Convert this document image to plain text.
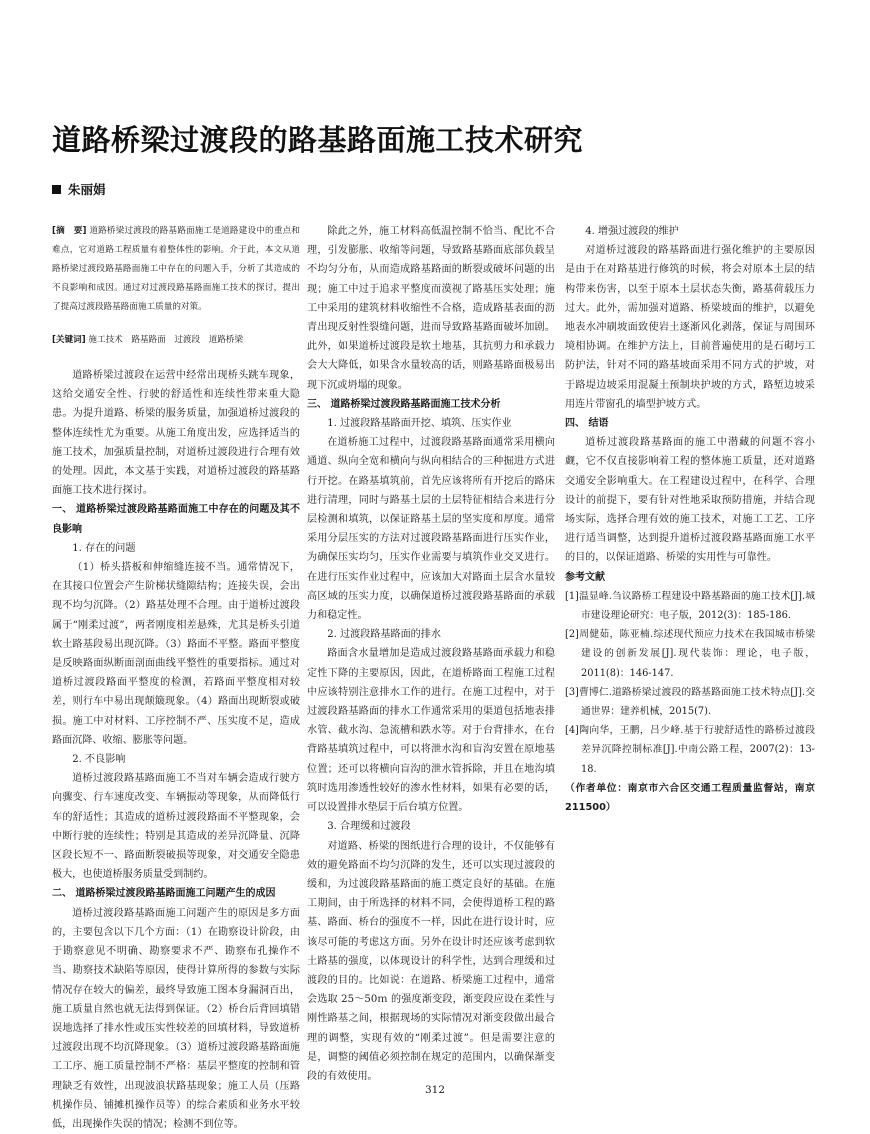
道路桥梁过渡段的路基路面施工技术研究
朱丽娟

[摘　要] 道路桥梁过渡段的路基路面施工是道路建设中的重点和难点，它对道路工程质量有着整体性的影响。介于此，本文从道路桥梁过渡段路基路面施工中存在的问题入手，分析了其造成的不良影响和成因。通过对过渡段路基路面施工技术的探讨，提出了提高过渡段路基路面施工质量的对策。

[关键词] 施工技术　路基路面　过渡段　道路桥梁

道路桥梁过渡段在运营中经常出现桥头跳车现象，这给交通安全性、行驶的舒适性和连续性带来重大隐患。为提升道路、桥梁的服务质量，加强道桥过渡段的整体连续性尤为重要。从施工角度出发，应选择适当的施工技术，加强质量控制，对道桥过渡段进行合理有效的处理。因此，本文基于实践，对道桥过渡段的路基路面施工技术进行探讨。

一、 道路桥梁过渡段路基路面施工中存在的问题及其不良影响

1. 存在的问题

（1）桥头搭板和伸缩缝连接不当。通常情况下，在其接口位置会产生阶梯状缝隙结构；连接失误，会出现不均匀沉降。（2）路基处理不合理。由于道桥过渡段属于“刚柔过渡”，两者刚度相差悬殊，尤其是桥头引道软土路基段易出现沉降。（3）路面不平整。路面平整度是反映路面纵断面剖面曲线平整性的重要指标。通过对道桥过渡段路面平整度的检测，若路面平整度相对较差，则行车中易出现颠簸现象。（4）路面出现断裂或破损。施工中对材料、工序控制不严、压实度不足，造成路面沉降、收缩、膨胀等问题。

2. 不良影响

道桥过渡段路基路面施工不当对车辆会造成行驶方向骤变、行车速度改变、车辆振动等现象，从而降低行车的舒适性；其造成的道桥过渡段路面不平整现象，会中断行驶的连续性；特别是其造成的差异沉降量、沉降区段长短不一、路面断裂破损等现象，对交通安全隐患极大，也使道桥服务质量受到制约。

二、 道路桥梁过渡段路基路面施工问题产生的成因

道桥过渡段路基路面施工问题产生的原因是多方面的，主要包含以下几个方面：（1）在勘察设计阶段，由于勘察意见不明确、勘察要求不严、勘察布孔操作不当、勘察技术缺陷等原因，使得计算所得的参数与实际情况存在较大的偏差，最终导致施工图本身漏洞百出，施工质量自然也就无法得到保证。（2）桥台后背回填错误地选择了排水性或压实性较差的回填材料，导致道桥过渡段出现不均沉降现象。（3）道桥过渡段路基路面施工工序、施工质量控制不严格：基层平整度的控制和管理缺乏有效性，出现波浪状路基现象；施工人员（压路机操作员、铺摊机操作员等）的综合素质和业务水平较低，出现操作失误的情况；检测不到位等。

除此之外，施工材料高低温控制不恰当、配比不合理，引发膨胀、收缩等问题，导致路基路面底部负载呈不均匀分布，从而造成路基路面的断裂或破坏问题的出现；施工中过于追求平整度而漠视了路基压实处理；施工中采用的建筑材料收缩性不合格，造成路基表面的沥青出现反射性裂缝问题，进而导致路基路面破坏加剧。此外，如果道桥过渡段是软土地基，其抗剪力和承载力会大大降低，如果含水量较高的话，则路基路面极易出现下沉或坍塌的现象。

三、 道路桥梁过渡段路基路面施工技术分析

1. 过渡段路基路面开挖、填筑、压实作业

在道桥施工过程中，过渡段路基路面通常采用横向通道、纵向全宽和横向与纵向相结合的三种掘进方式进行开挖。在路基填筑前，首先应该将所有开挖后的路床进行清理，同时与路基土层的土层特征相结合来进行分层检测和填筑，以保证路基土层的坚实度和厚度。通常采用分层压实的方法对过渡段路基路面进行压实作业，为确保压实均匀，压实作业需要与填筑作业交叉进行。在进行压实作业过程中，应该加大对路面土层含水量较高区域的压实力度，以确保道桥过渡段路基路面的承载力和稳定性。

2. 过渡段路基路面的排水

路面含水量增加是造成过渡段路基路面承载力和稳定性下降的主要原因，因此，在道桥路面工程施工过程中应该特别注意排水工作的进行。在施工过程中，对于过渡段路基路面的排水工作通常采用的渠道包括地表排水管、截水沟、急流槽和跌水等。对于台背排水，在台背路基填筑过程中，可以将泄水沟和盲沟安置在原地基位置；还可以将横向盲沟的泄水管拆除，并且在地沟填筑时选用渗透性较好的渗水性材料，如果有必要的话，可以设置排水垫层于后台填方位置。

3. 合理缓和过渡段

对道路、桥梁的图纸进行合理的设计，不仅能够有效的避免路面不均匀沉降的发生，还可以实现过渡段的缓和，为过渡段路基路面的施工奠定良好的基础。在施工期间，由于所选择的材料不同，会使得道桥工程的路基、路面、桥台的强度不一样，因此在进行设计时，应该尽可能的考虑这方面。另外在设计时还应该考虑到软土路基的强度，以体现设计的科学性，达到合理缓和过渡段的目的。比如说：在道路、桥梁施工过程中，通常会选取 25～50ｍ 的强度渐变段，渐变段应设在柔性与刚性路基之间，根据现场的实际情况对渐变段做出最合理的调整，实现有效的“刚柔过渡”。但是需要注意的是，调整的阈值必须控制在规定的范围内，以确保渐变段的有效使用。

4. 增强过渡段的维护

对道桥过渡段的路基路面进行强化维护的主要原因是由于在对路基进行修筑的时候，将会对原本土层的结构带来伤害，以至于原本土层状态失衡，路基荷载压力过大。此外，需加强对道路、桥梁坡面的维护，以避免地表水冲刷坡面致使岩土逐渐风化剥落，保证与周围环境相协调。在维护方法上，目前普遍使用的是石砌圬工防护法，针对不同的路基坡面采用不同方式的护坡，对于路堤边坡采用混凝土预制块护坡的方式，路堑边坡采用连片带窗孔的墙型护坡方式。

四、 结语

道桥过渡段路基路面的施工中潜藏的问题不容小觑，它不仅直接影响着工程的整体施工质量，还对道路交通安全影响重大。在工程建设过程中，在科学、合理设计的前提下，要有针对性地采取预防措施，并结合现场实际，选择合理有效的施工技术，对施工工艺、工序进行适当调整，达到提升道桥过渡段路基路面施工水平的目的，以保证道路、桥梁的实用性与可靠性。

参考文献

[1]温显峰.刍议路桥工程建设中路基路面的施工技术[J].城市建设理论研究：电子版，2012(3)：185-186.

[2]周健茹，陈亚楠.综述现代预应力技术在我国城市桥梁建设的创新发展[J].现代装饰：理论，电子版，2011(8)：146-147.

[3]曹博仁.道路桥梁过渡段的路基路面施工技术特点[J].交通世界：建养机械，2015(7).

[4]陶向华，王鹏，吕少峰.基于行驶舒适性的路桥过渡段差异沉降控制标准[J].中南公路工程，2007(2)：13-18.

（作者单位：南京市六合区交通工程质量监督站，南京 211500）

312
